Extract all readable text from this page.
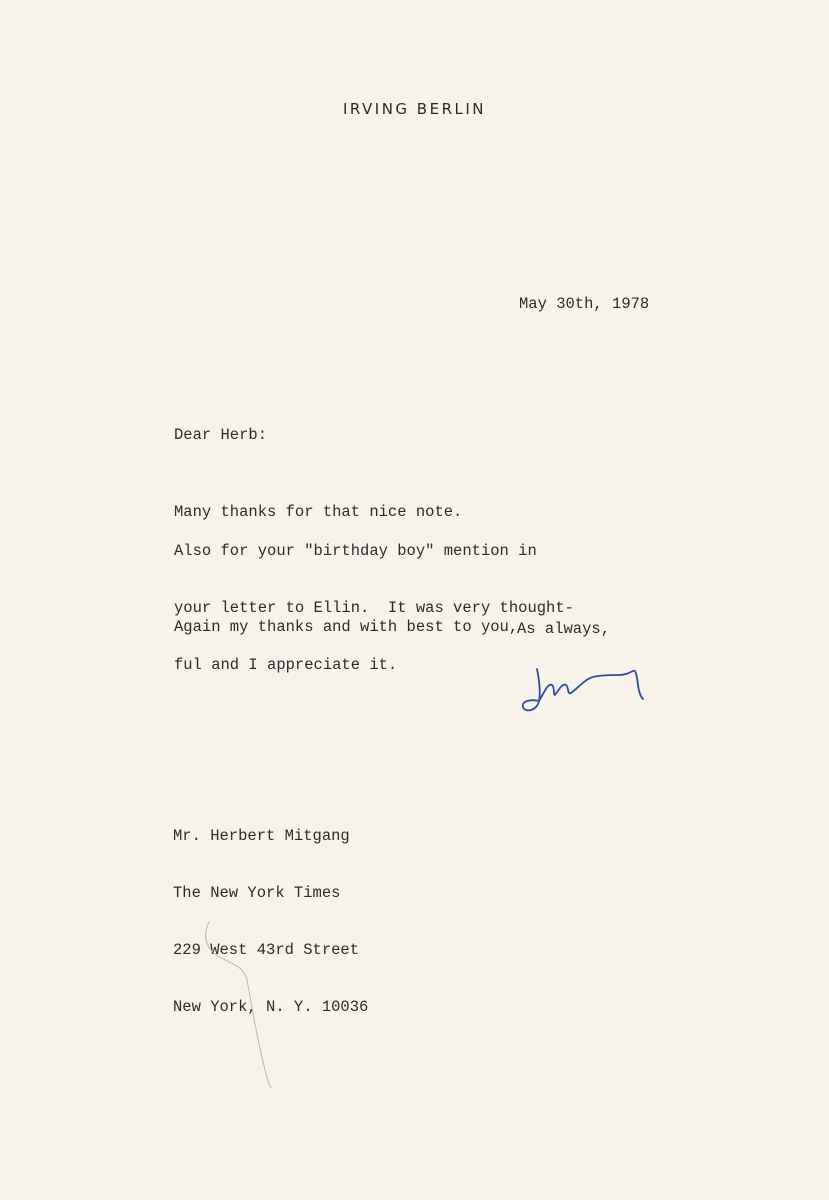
IRVING BERLIN
May 30th, 1978
Dear Herb:

Many thanks for that nice note.

Also for your "birthday boy" mention in

your letter to Ellin.  It was very thought-

ful and I appreciate it.

Again my thanks and with best to you,

As always,

Mr. Herbert Mitgang

The New York Times

229 West 43rd Street

New York, N. Y. 10036
